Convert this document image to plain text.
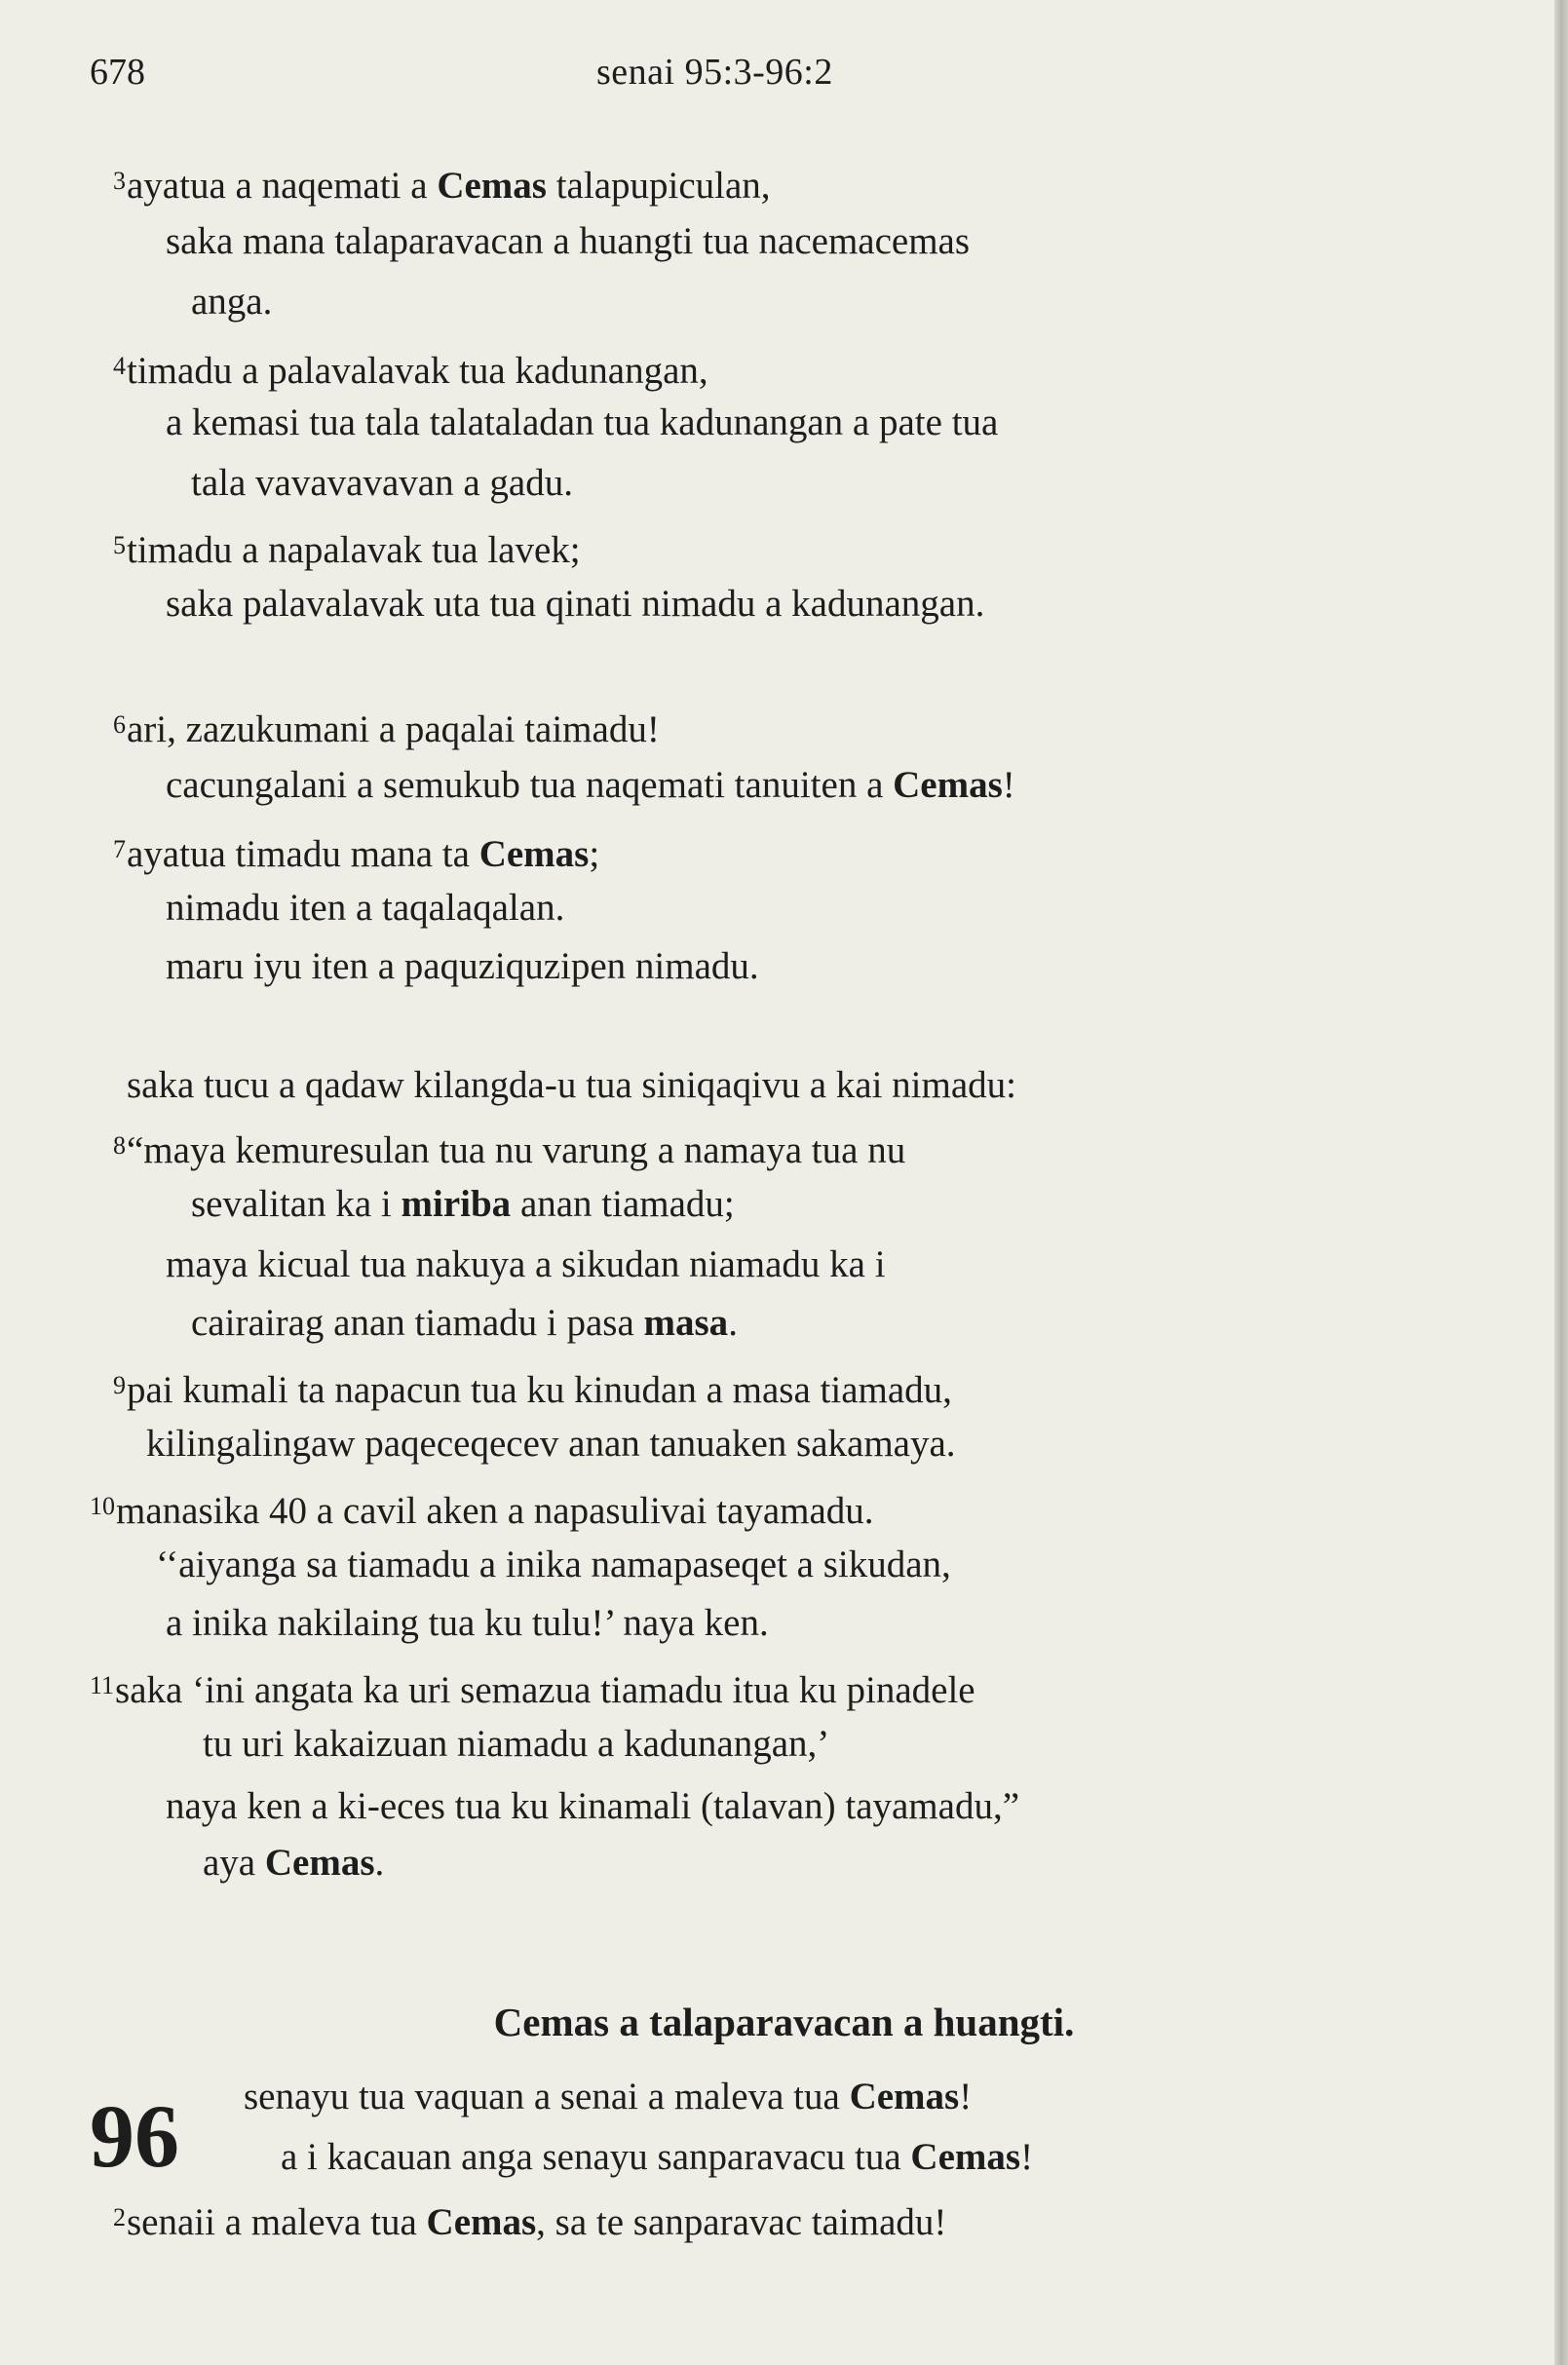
678	senai 95:3-96:2
$^3$ayatua a naqemati a Cemas talapupiculan,
saka mana talaparavacan a huangti tua nacemacemas
anga.
$^4$timadu a palavalavak tua kadunangan,
a kemasi tua tala talataladan tua kadunangan a pate tua
tala vavavavavan a gadu.
$^5$timadu a napalavak tua lavek;
saka palavalavak uta tua qinati nimadu a kadunangan.
$^6$ari, zazukumani a paqalai taimadu!
cacungalani a semukub tua naqemati tanuiten a Cemas!
$^7$ayatua timadu mana ta Cemas;
nimadu iten a taqalaqalan.
maru iyu iten a paquziquzipen nimadu.
saka tucu a qadaw kilangda-u tua siniqaqivu a kai nimadu:
$^8$“maya kemuresulan tua nu varung a namaya tua nu
sevalitan ka i miriba anan tiamadu;
maya kicual tua nakuya a sikudan niamadu ka i
cairairag anan tiamadu i pasa masa.
$^9$pai kumali ta napacun tua ku kinudan a masa tiamadu,
kilingalingaw paqeceqecev anan tanuaken sakamaya.
$^{10}$manasika 40 a cavil aken a napasulivai tayamadu.
‘‘aiyanga sa tiamadu a inika namapaseqet a sikudan,
a inika nakilaing tua ku tulu!’ naya ken.
$^{11}$saka ‘ini angata ka uri semazua tiamadu itua ku pinadele
tu uri kakaizuan niamadu a kadunangan,’
naya ken a ki-eces tua ku kinamali (talavan) tayamadu,”
aya Cemas.
Cemas a talaparavacan a huangti.
96 senayu tua vaquan a senai a maleva tua Cemas!
a i kacauan anga senayu sanparavacu tua Cemas!
$^2$senaii a maleva tua Cemas, sa te sanparavac taimadu!
